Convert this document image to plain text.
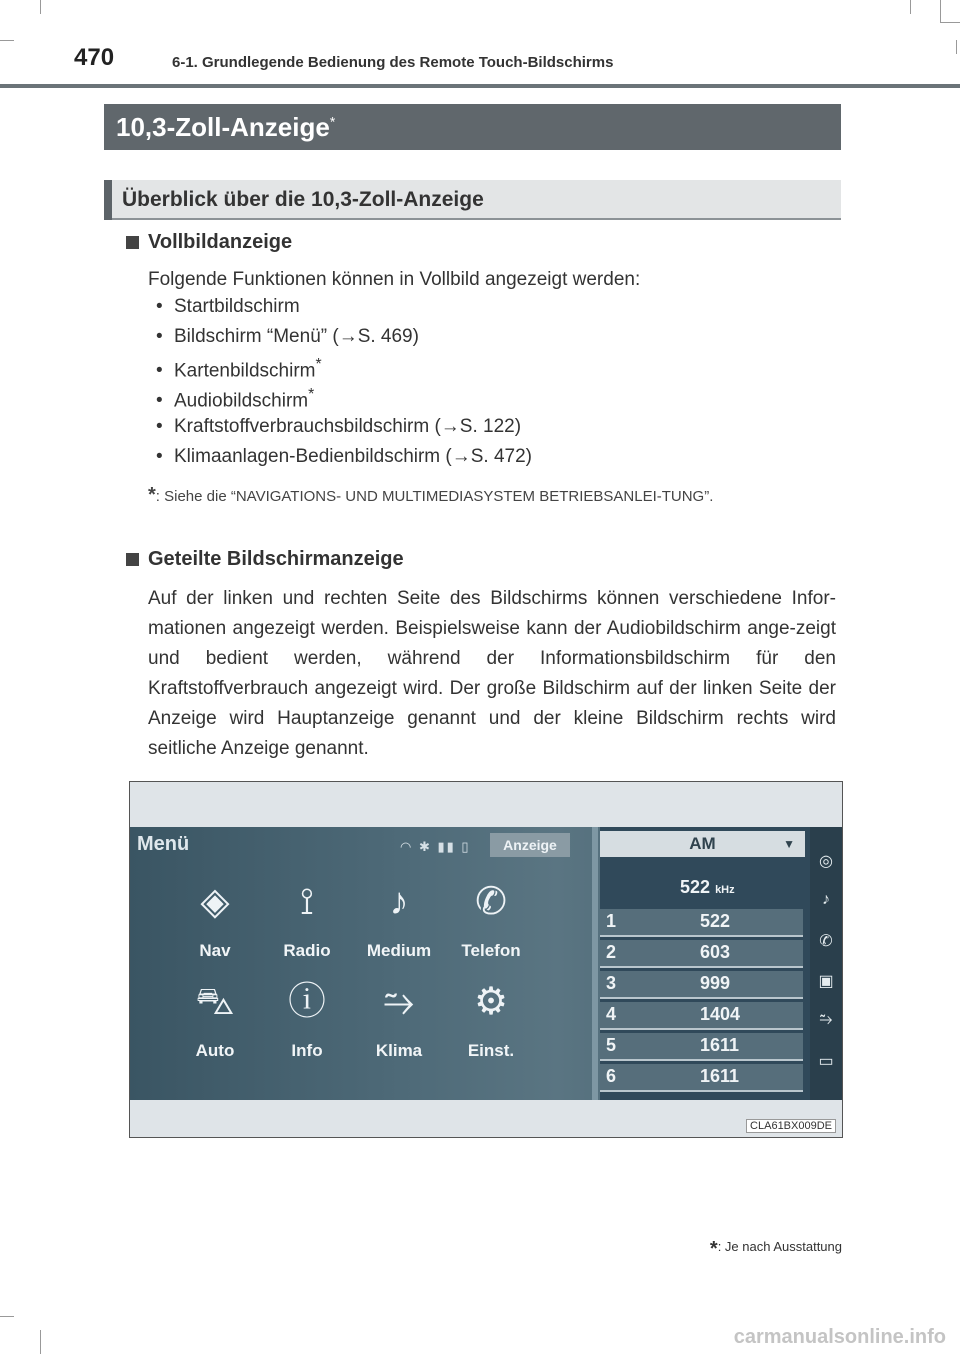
470	6-1. Grundlegende Bedienung des Remote Touch-Bildschirms
10,3-Zoll-Anzeige*
Überblick über die 10,3-Zoll-Anzeige
Vollbildanzeige
Folgende Funktionen können in Vollbild angezeigt werden:
• Startbildschirm
• Bildschirm “Menü” (→S. 469)
• Kartenbildschirm*
• Audiobildschirm*
• Kraftstoffverbrauchsbildschirm (→S. 122)
• Klimaanlagen-Bedienbildschirm (→S. 472)
*: Siehe die “NAVIGATIONS- UND MULTIMEDIASYSTEM BETRIEBSANLEI-TUNG”.
Geteilte Bildschirmanzeige
Auf der linken und rechten Seite des Bildschirms können verschiedene Infor-mationen angezeigt werden. Beispielsweise kann der Audiobildschirm ange-zeigt und bedient werden, während der Informationsbildschirm für den Kraftstoffverbrauch angezeigt wird. Der große Bildschirm auf der linken Seite der Anzeige wird Hauptanzeige genannt und der kleine Bildschirm rechts wird seitliche Anzeige genannt.
Menü	◠ ✱ ▮▮ ▯	Anzeige
◈
Nav
⟟
Radio
♪
Medium
✆
Telefon
⛍
Auto
ⓘ
Info
⥲
Klima
⚙
Einst.
AM	▼
522 kHz
1	522
2	603
3	999
4	1404
5	1611
6	1611
◎
♪
✆
▣
⥲
▭
CLA61BX009DE
*: Je nach Ausstattung
carmanualsonline.info
